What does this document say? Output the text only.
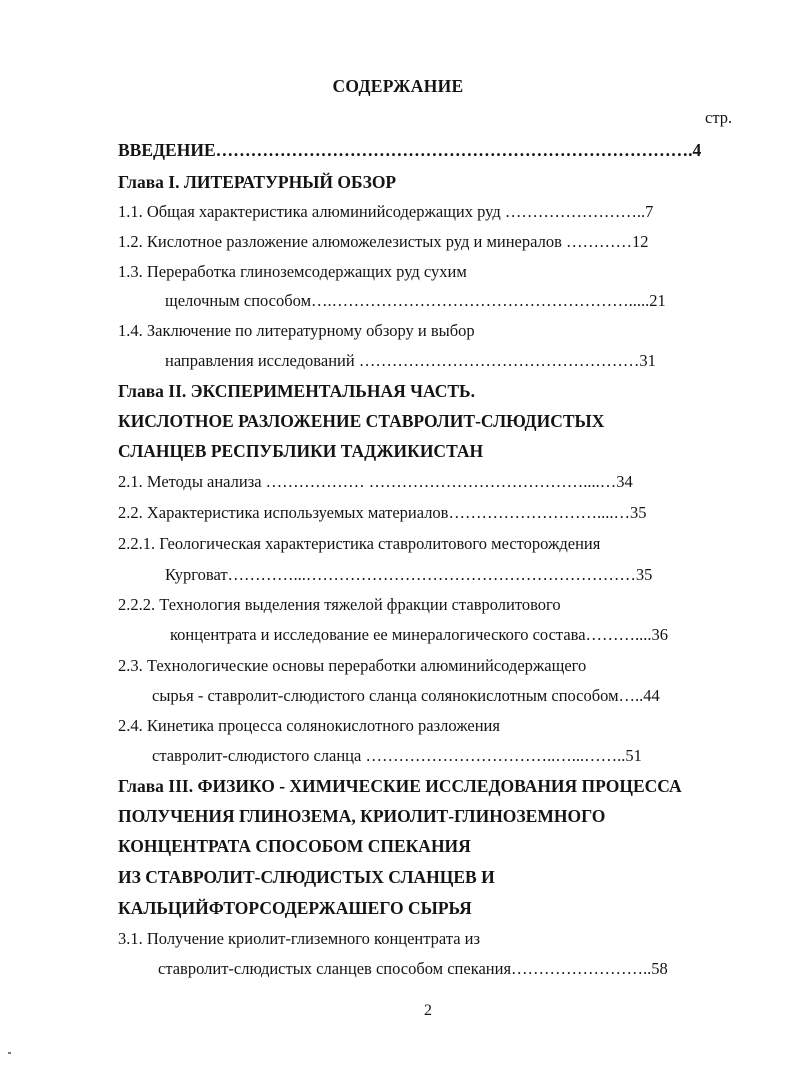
СОДЕРЖАНИЕ
стр.
ВВЕДЕНИЕ……………………………………………………………………….4
Глава I. ЛИТЕРАТУРНЫЙ ОБЗОР
1.1. Общая характеристика алюминийсодержащих руд ……………………..7
1.2. Кислотное разложение алюможелезистых руд и минералов …………12
1.3. Переработка глиноземсодержащих руд сухим
щелочным способом….……………………………………………….....21
1.4. Заключение по литературному обзору и выбор
направления исследований ……………………………………………31
Глава II. ЭКСПЕРИМЕНТАЛЬНАЯ ЧАСТЬ.
КИСЛОТНОЕ РАЗЛОЖЕНИЕ СТАВРОЛИТ-СЛЮДИСТЫХ
СЛАНЦЕВ РЕСПУБЛИКИ ТАДЖИКИСТАН
2.1. Методы анализа ……………… …………………………………....…34
2.2. Характеристика используемых материалов………………………....…35
2.2.1. Геологическая характеристика ставролитового месторождения
Курговат…………...……………………………………………………35
2.2.2. Технология выделения тяжелой фракции ставролитового
концентрата и исследование ее минералогического состава………....36
2.3. Технологические основы переработки алюминийсодержащего
сырья - ставролит-слюдистого сланца солянокислотным способом…..44
2.4. Кинетика процесса солянокислотного разложения
ставролит-слюдистого сланца ……………………………..…...……..51
Глава III. ФИЗИКО - ХИМИЧЕСКИЕ ИССЛЕДОВАНИЯ ПРОЦЕССА
ПОЛУЧЕНИЯ ГЛИНОЗЕМА, КРИОЛИТ-ГЛИНОЗЕМНОГО
КОНЦЕНТРАТА СПОСОБОМ СПЕКАНИЯ
ИЗ СТАВРОЛИТ-СЛЮДИСТЫХ СЛАНЦЕВ И
КАЛЬЦИЙФТОРСОДЕРЖАШЕГО СЫРЬЯ
3.1. Получение криолит-глиземного концентрата из
ставролит-слюдистых сланцев способом спекания……………………..58
2
